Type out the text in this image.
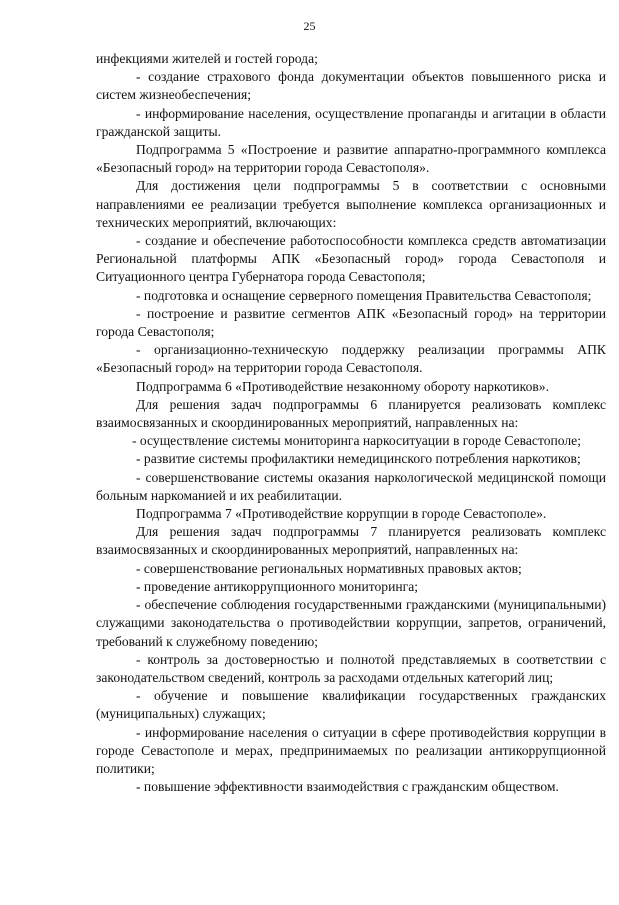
25

инфекциями жителей и гостей города;

- создание страхового фонда документации объектов повышенного риска и систем жизнеобеспечения;

- информирование населения, осуществление пропаганды и агитации в области гражданской защиты.

Подпрограмма 5 «Построение и развитие аппаратно-программного комплекса «Безопасный город» на территории города Севастополя».

Для достижения цели подпрограммы 5 в соответствии с основными направлениями ее реализации требуется выполнение комплекса организационных и технических мероприятий, включающих:

- создание и обеспечение работоспособности комплекса средств автоматизации Региональной платформы АПК «Безопасный город» города Севастополя и Ситуационного центра Губернатора города Севастополя;

- подготовка и оснащение серверного помещения Правительства Севастополя;

- построение и развитие сегментов АПК «Безопасный город» на территории города Севастополя;

- организационно-техническую поддержку реализации программы АПК «Безопасный город» на территории города Севастополя.

Подпрограмма 6 «Противодействие незаконному обороту наркотиков».

Для решения задач подпрограммы 6 планируется реализовать комплекс взаимосвязанных и скоординированных мероприятий, направленных на:

- осуществление системы мониторинга наркоситуации в городе Севастополе;

- развитие системы профилактики немедицинского потребления наркотиков;

- совершенствование системы оказания наркологической медицинской помощи больным наркоманией и их реабилитации.

Подпрограмма 7 «Противодействие коррупции в городе Севастополе».

Для решения задач подпрограммы 7 планируется реализовать комплекс взаимосвязанных и скоординированных мероприятий, направленных на:

- совершенствование региональных нормативных правовых актов;

- проведение антикоррупционного мониторинга;

- обеспечение соблюдения государственными гражданскими (муниципальными) служащими законодательства о противодействии коррупции, запретов, ограничений, требований к служебному поведению;

- контроль за достоверностью и полнотой представляемых в соответствии с законодательством сведений, контроль за расходами отдельных категорий лиц;

- обучение и повышение квалификации государственных гражданских (муниципальных) служащих;

- информирование населения о ситуации в сфере противодействия коррупции в городе Севастополе и мерах, предпринимаемых по реализации антикоррупционной политики;

- повышение эффективности взаимодействия с гражданским обществом.
